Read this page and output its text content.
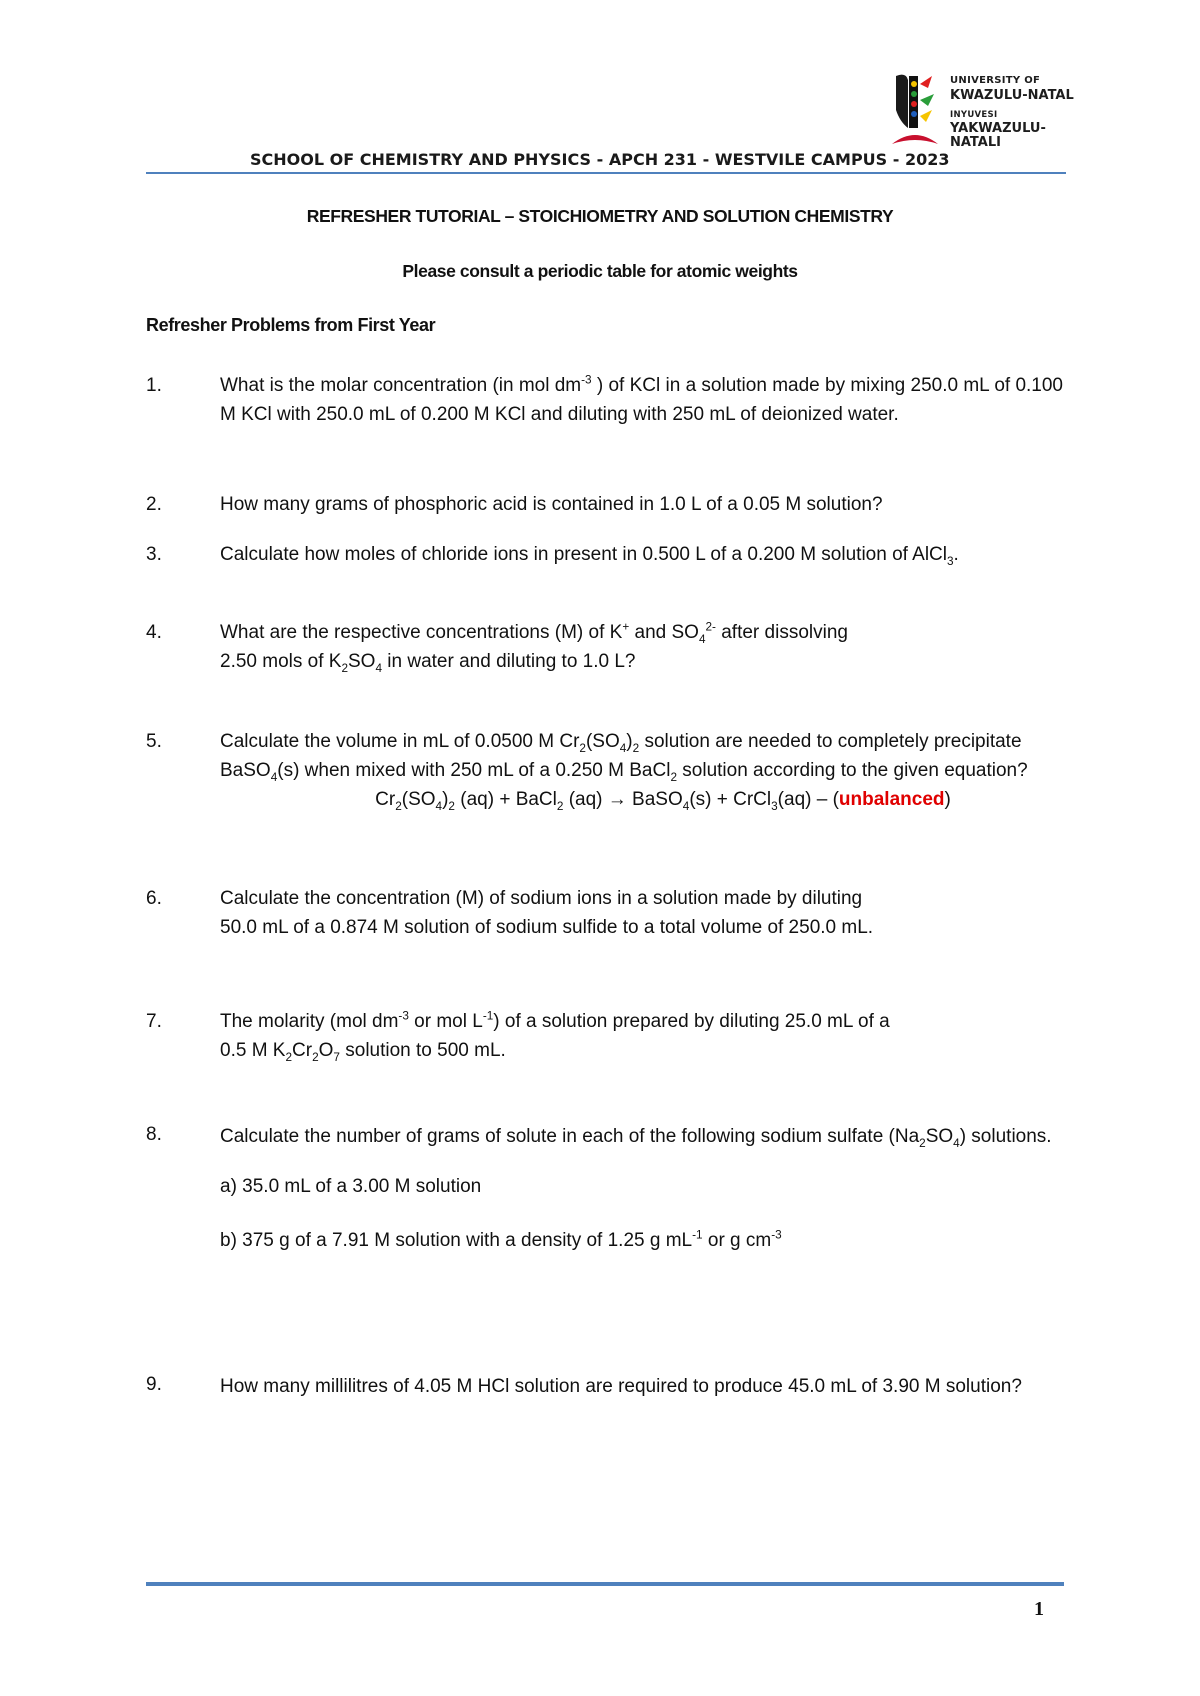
UNIVERSITY OF
KWAZULU-NATAL
INYUVESI
YAKWAZULU-NATALI
SCHOOL OF CHEMISTRY AND PHYSICS - APCH 231 - WESTVILE CAMPUS - 2023
REFRESHER TUTORIAL – STOICHIOMETRY AND SOLUTION CHEMISTRY
Please consult a periodic table for atomic weights
Refresher Problems from First Year
1.	What is the molar concentration (in mol $dm^{-3}$ ) of KCl in a solution made by mixing 250.0 mL of 0.100 M KCl with 250.0 mL of 0.200 M KCl and diluting with 250 mL of deionized water.
2.	How many grams of phosphoric acid is contained in 1.0 L of a 0.05 M solution?
3.	Calculate how moles of chloride ions in present in 0.500 L of a 0.200 M solution of AlCl$_3$.
4.	What are the respective concentrations (M) of K+ and $SO_4^{2-}$ after dissolving
2.50 mols of $K_2SO_4$ in water and diluting to 1.0 L?
5.	Calculate the volume in mL of 0.0500 M $Cr_2(SO_4)_2$ solution are needed to completely precipitate BaSO$_4$(s) when mixed with 250 mL of a 0.250 M BaCl$_2$ solution according to the given equation?
$Cr_2(SO_4)_2$ (aq) + BaCl$_2$ (aq) → BaSO$_4$(s) + CrCl$_3$(aq) – (unbalanced)
6.	Calculate the concentration (M) of sodium ions in a solution made by diluting
50.0 mL of a 0.874 M solution of sodium sulfide to a total volume of 250.0 mL.
7.	The molarity (mol $dm^{-3}$ or mol $L^{-1}$) of a solution prepared by diluting 25.0 mL of a
0.5 M $K_2Cr_2O_7$ solution to 500 mL.
8.	Calculate the number of grams of solute in each of the following sodium sulfate $(Na_2SO_4)$ solutions.
a) 35.0 mL of a 3.00 M solution
b) 375 g of a 7.91 M solution with a density of 1.25 g $mL^{-1}$ or g $cm^{-3}$
9.	How many millilitres of 4.05 M HCl solution are required to produce 45.0 mL of 3.90 M solution?
1
